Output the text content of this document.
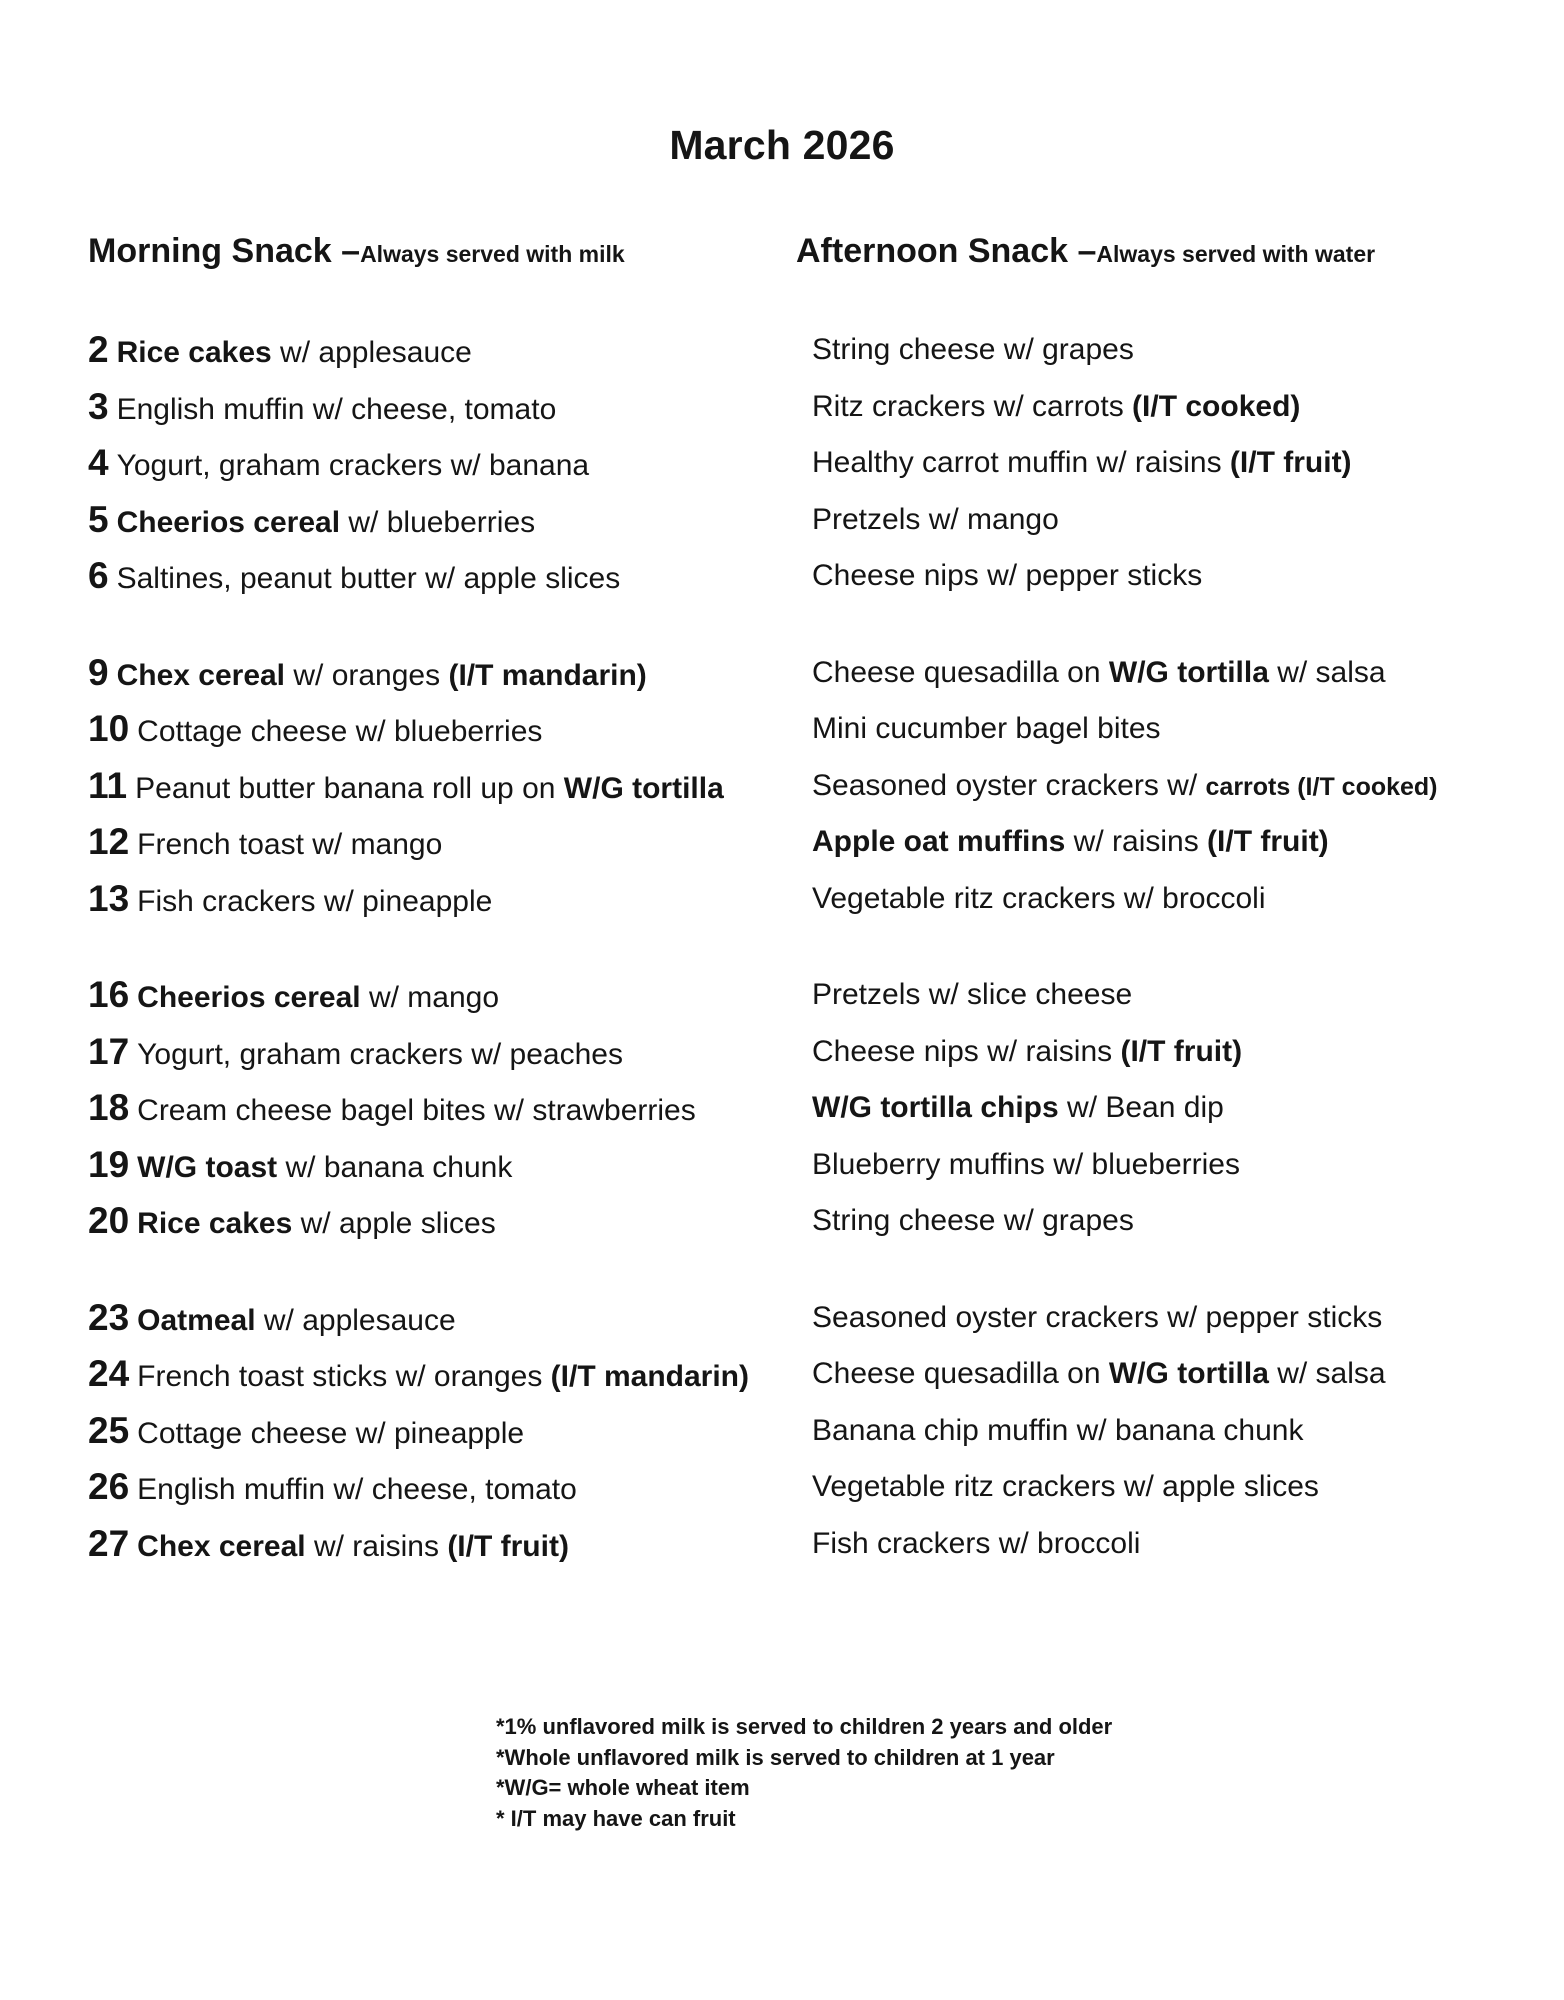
March 2026
Morning Snack –Always served with milk
2 Rice cakes w/ applesauce
3 English muffin w/ cheese, tomato
4 Yogurt, graham crackers w/ banana
5 Cheerios cereal w/ blueberries
6 Saltines, peanut butter w/ apple slices
9 Chex cereal w/ oranges (I/T mandarin)
10 Cottage cheese w/ blueberries
11 Peanut butter banana roll up on W/G tortilla
12 French toast w/ mango
13 Fish crackers w/ pineapple
16 Cheerios cereal w/ mango
17 Yogurt, graham crackers w/ peaches
18 Cream cheese bagel bites w/ strawberries
19 W/G toast w/ banana chunk
20 Rice cakes w/ apple slices
23 Oatmeal w/ applesauce
24 French toast sticks w/ oranges (I/T mandarin)
25 Cottage cheese w/ pineapple
26 English muffin w/ cheese, tomato
27 Chex cereal w/ raisins (I/T fruit)
Afternoon Snack –Always served with water
String cheese w/ grapes
Ritz crackers w/ carrots (I/T cooked)
Healthy carrot muffin w/ raisins (I/T fruit)
Pretzels w/ mango
Cheese nips w/ pepper sticks
Cheese quesadilla on W/G tortilla w/ salsa
Mini cucumber bagel bites
Seasoned oyster crackers w/ carrots (I/T cooked)
Apple oat muffins w/ raisins (I/T fruit)
Vegetable ritz crackers w/ broccoli
Pretzels w/ slice cheese
Cheese nips w/ raisins (I/T fruit)
W/G tortilla chips w/ Bean dip
Blueberry muffins w/ blueberries
String cheese w/ grapes
Seasoned oyster crackers w/ pepper sticks
Cheese quesadilla on W/G tortilla w/ salsa
Banana chip muffin w/ banana chunk
Vegetable ritz crackers w/ apple slices
Fish crackers w/ broccoli
*1% unflavored milk is served to children 2 years and older
*Whole unflavored milk is served to children at 1 year
*W/G= whole wheat item
* I/T may have can fruit
